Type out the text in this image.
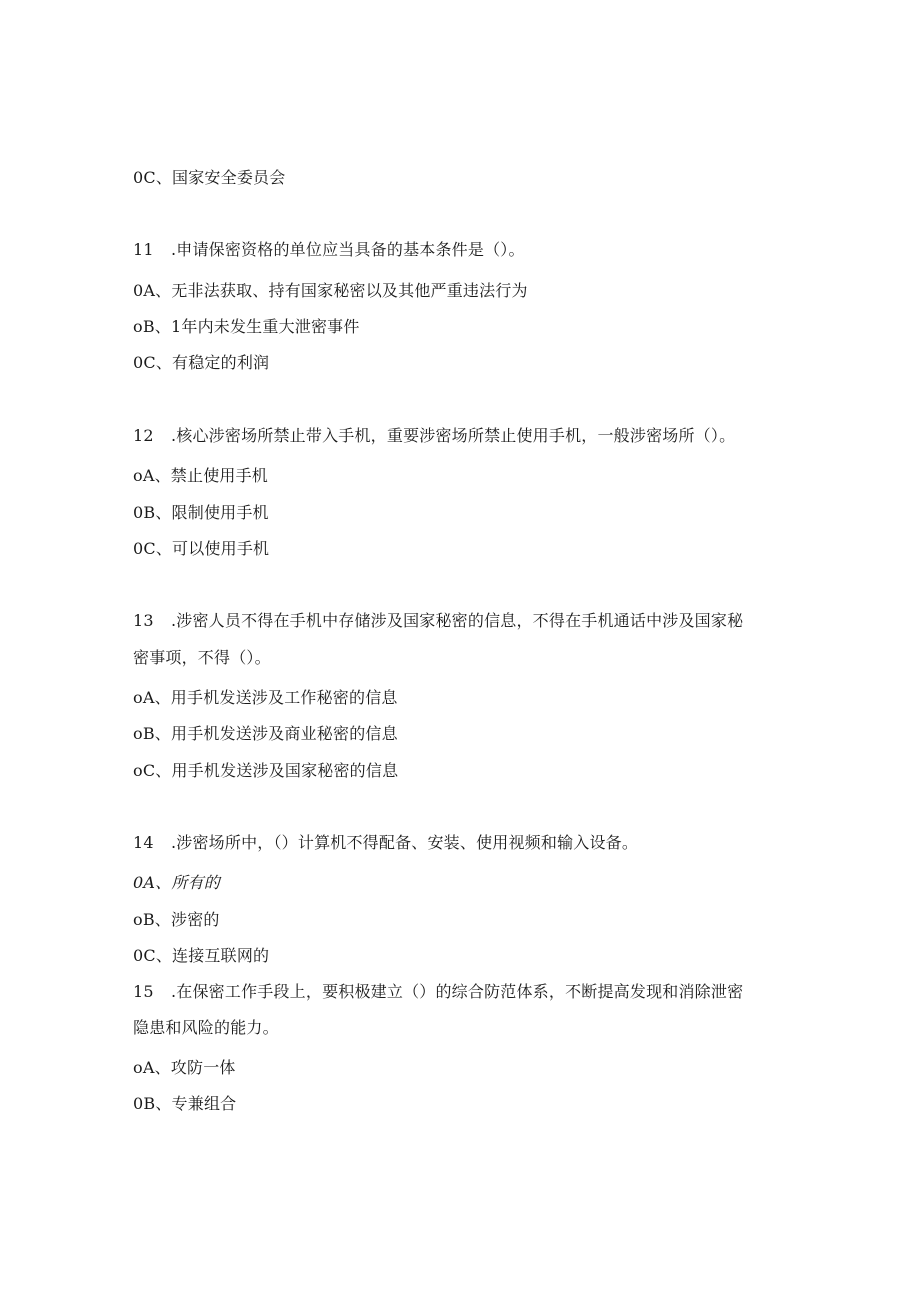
0C、国家安全委员会
11 .申请保密资格的单位应当具备的基本条件是（）。
0A、无非法获取、持有国家秘密以及其他严重违法行为
oB、1年内未发生重大泄密事件
0C、有稳定的利润
12 .核心涉密场所禁止带入手机，重要涉密场所禁止使用手机，一般涉密场所（）。
oA、禁止使用手机
0B、限制使用手机
0C、可以使用手机
13 .涉密人员不得在手机中存储涉及国家秘密的信息，不得在手机通话中涉及国家秘
密事项，不得（）。
oA、用手机发送涉及工作秘密的信息
oB、用手机发送涉及商业秘密的信息
oC、用手机发送涉及国家秘密的信息
14 .涉密场所中，（）计算机不得配备、安装、使用视频和输入设备。
0A、所有的
oB、涉密的
0C、连接互联网的
15 .在保密工作手段上，要积极建立（）的综合防范体系，不断提高发现和消除泄密
隐患和风险的能力。
oA、攻防一体
0B、专兼组合
